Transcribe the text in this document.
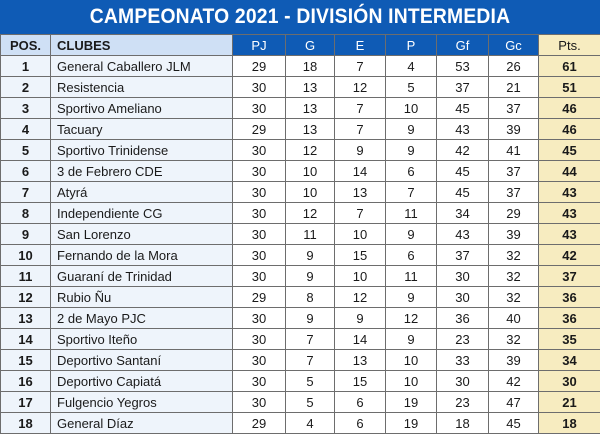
CAMPEONATO 2021 - DIVISIÓN INTERMEDIA
POS.	CLUBES	PJ	G	E	P	Gf	Gc	Pts.
1	General Caballero JLM	29	18	7	4	53	26	61
2	Resistencia	30	13	12	5	37	21	51
3	Sportivo Ameliano	30	13	7	10	45	37	46
4	Tacuary	29	13	7	9	43	39	46
5	Sportivo Trinidense	30	12	9	9	42	41	45
6	3 de Febrero CDE	30	10	14	6	45	37	44
7	Atyrá	30	10	13	7	45	37	43
8	Independiente CG	30	12	7	11	34	29	43
9	San Lorenzo	30	11	10	9	43	39	43
10	Fernando de la Mora	30	9	15	6	37	32	42
11	Guaraní de Trinidad	30	9	10	11	30	32	37
12	Rubio Ñu	29	8	12	9	30	32	36
13	2 de Mayo PJC	30	9	9	12	36	40	36
14	Sportivo Iteño	30	7	14	9	23	32	35
15	Deportivo Santaní	30	7	13	10	33	39	34
16	Deportivo Capiatá	30	5	15	10	30	42	30
17	Fulgencio Yegros	30	5	6	19	23	47	21
18	General Díaz	29	4	6	19	18	45	18
